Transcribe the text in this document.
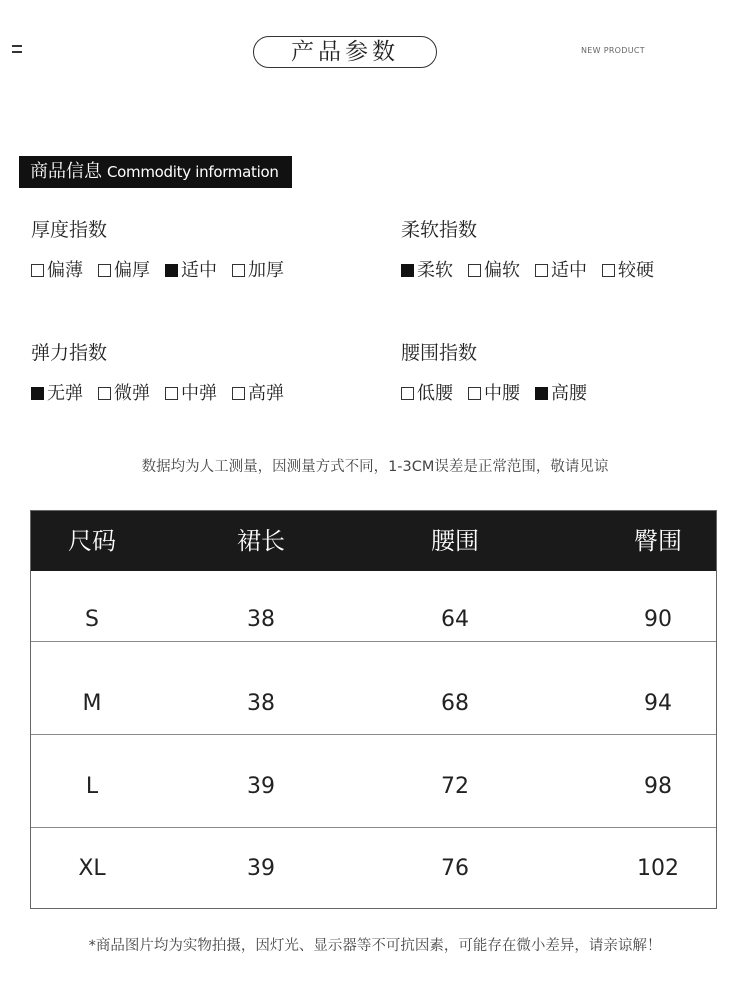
产品参数	NEW PRODUCT
商品信息 Commodity information
厚度指数
偏薄 偏厚 适中 加厚
柔软指数
柔软 偏软 适中 较硬
弹力指数
无弹 微弹 中弹 高弹
腰围指数
低腰 中腰 高腰
数据均为人工测量，因测量方式不同，1-3CM误差是正常范围，敬请见谅
尺码	裙长	腰围	臀围
S	38	64	90
M	38	68	94
L	39	72	98
XL	39	76	102
*商品图片均为实物拍摄，因灯光、显示器等不可抗因素，可能存在微小差异，请亲谅解！
